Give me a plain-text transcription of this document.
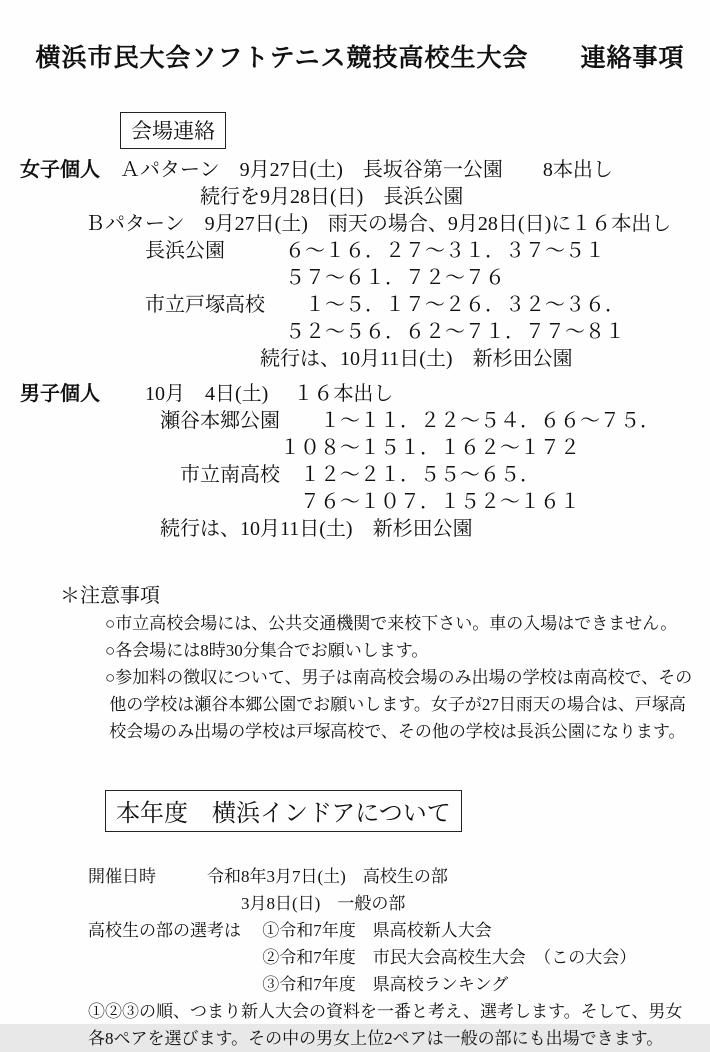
横浜市民大会ソフトテニス競技高校生大会　　連絡事項
会場連絡
女子個人　Ａパターン　9月27日(土)　長坂谷第一公園　　8本出し
　　　　　　　　　続行を9月28日(日)　長浜公園
　　　 Ｂパターン　9月27日(土)　雨天の場合、9月28日(日)に１６本出し
　　　　　　 長浜公園　　　６～１６．２７～３１．３７～５１
　　　　　　　　　　　　　 ５７～６１．７２～７６
　　　　　　 市立戸塚高校　　１～５．１７～２６．３２～３６．
　　　　　　　　　　　　　 ５２～５６．６２～７１．７７～８１
　　　　　　　　　　　　続行は、10月11日(土)　新杉田公園
男子個人　　 10月　4日(土)　 １６本出し
　　　　　　　瀬谷本郷公園　　１～１１．２２～５４．６６～７５．
　　　　　　　　　　　　　１０８～１５１．１６２～１７２
　　　　　　　　市立南高校　１２～２１．５５～６５．
　　　　　　　　　　　　　　７６～１０７．１５２～１６１
　　　　　　　続行は、10月11日(土)　新杉田公園
　　＊注意事項
　　　　　○市立高校会場には、公共交通機関で来校下さい。車の入場はできません。
　　　　　○各会場には8時30分集合でお願いします。
　　　　　○参加料の徴収について、男子は南高校会場のみ出場の学校は南高校で、その
　　　　　 他の学校は瀬谷本郷公園でお願いします。女子が27日雨天の場合は、戸塚高
　　　　　 校会場のみ出場の学校は戸塚高校で、その他の学校は長浜公園になります。
本年度　横浜インドアについて
　　　　開催日時　　　令和8年3月7日(土)　高校生の部
　　　　　　　　　　　　　3月8日(日)　一般の部
　　　　高校生の部の選考は　 ①令和7年度　県高校新人大会
　　　　　　　　　　　　　　 ②令和7年度　市民大会高校生大会　（この大会）
　　　　　　　　　　　　　　 ③令和7年度　県高校ランキング
　　　　①②③の順、つまり新人大会の資料を一番と考え、選考します。そして、男女
　　　　各8ペアを選びます。その中の男女上位2ペアは一般の部にも出場できます。
